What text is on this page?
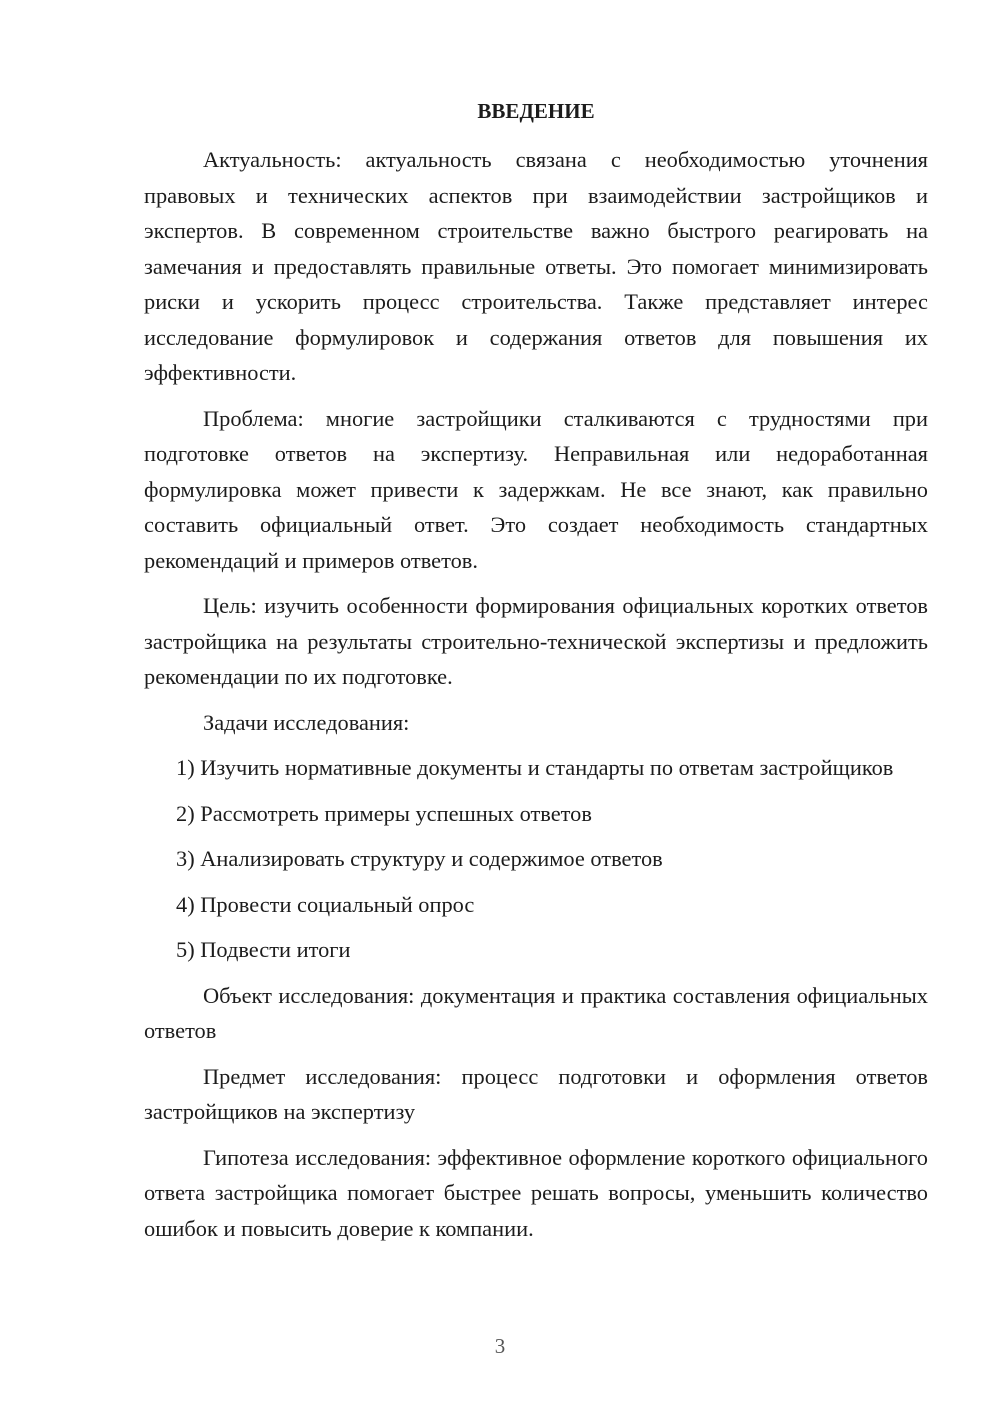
ВВЕДЕНИЕ

Актуальность: актуальность связана с необходимостью уточнения правовых и технических аспектов при взаимодействии застройщиков и экспертов. В современном строительстве важно быстрого реагировать на замечания и предоставлять правильные ответы. Это помогает минимизировать риски и ускорить процесс строительства. Также представляет интерес исследование формулировок и содержания ответов для повышения их эффективности.

Проблема: многие застройщики сталкиваются с трудностями при подготовке ответов на экспертизу. Неправильная или недоработанная формулировка может привести к задержкам. Не все знают, как правильно составить официальный ответ. Это создает необходимость стандартных рекомендаций и примеров ответов.

Цель: изучить особенности формирования официальных коротких ответов застройщика на результаты строительно-технической экспертизы и предложить рекомендации по их подготовке.

Задачи исследования:

1) Изучить нормативные документы и стандарты по ответам застройщиков

2) Рассмотреть примеры успешных ответов

3) Анализировать структуру и содержимое ответов

4) Провести социальный опрос

5) Подвести итоги

Объект исследования: документация и практика составления официальных ответов

Предмет исследования: процесс подготовки и оформления ответов застройщиков на экспертизу

Гипотеза исследования: эффективное оформление короткого официального ответа застройщика помогает быстрее решать вопросы, уменьшить количество ошибок и повысить доверие к компании.

3
